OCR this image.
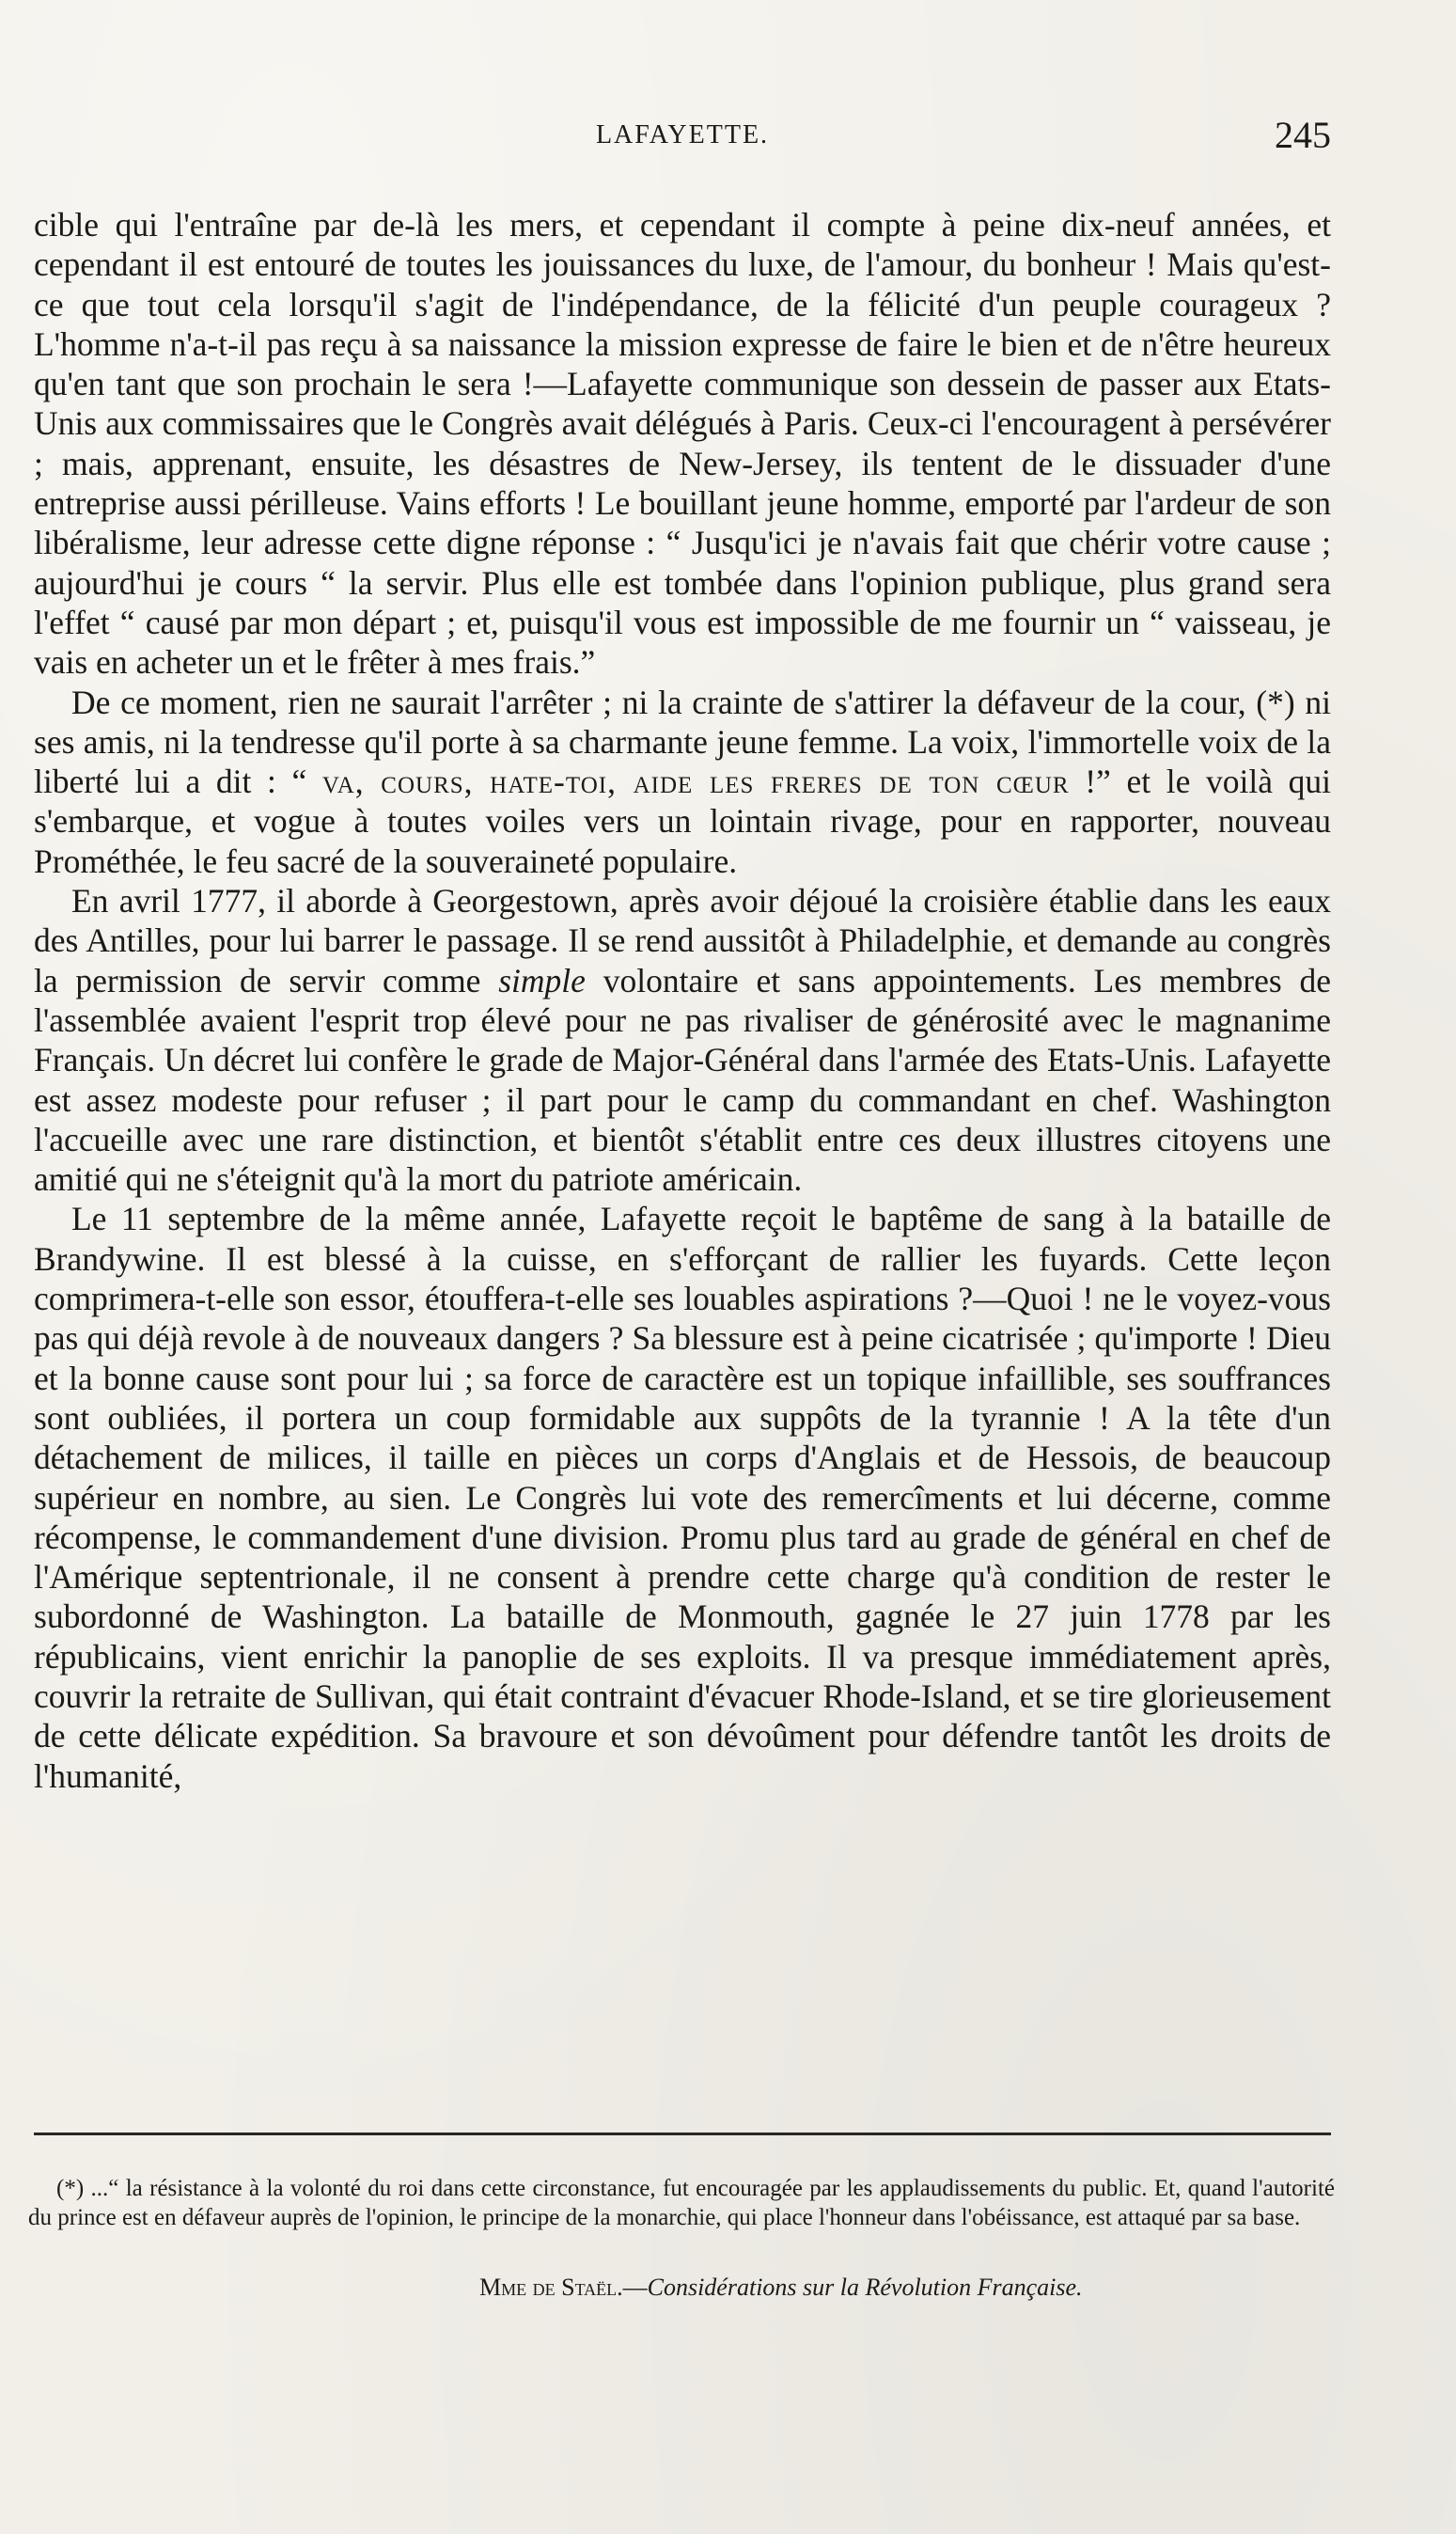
LAFAYETTE.	245

cible qui l'entraîne par de-là les mers, et cependant il compte à peine dix-neuf années, et cependant il est entouré de toutes les jouissances du luxe, de l'amour, du bonheur ! Mais qu'est-ce que tout cela lorsqu'il s'agit de l'indépendance, de la félicité d'un peuple courageux ? L'homme n'a-t-il pas reçu à sa naissance la mission expresse de faire le bien et de n'être heureux qu'en tant que son prochain le sera !—Lafayette communique son dessein de passer aux Etats-Unis aux commissaires que le Congrès avait délégués à Paris. Ceux-ci l'encouragent à persévérer ; mais, apprenant, ensuite, les désastres de New-Jersey, ils tentent de le dissuader d'une entreprise aussi périlleuse. Vains efforts ! Le bouillant jeune homme, emporté par l'ardeur de son libéralisme, leur adresse cette digne réponse : “ Jusqu'ici je n'avais fait que chérir votre cause ; aujourd'hui je cours “ la servir. Plus elle est tombée dans l'opinion publique, plus grand sera l'effet “ causé par mon départ ; et, puisqu'il vous est impossible de me fournir un “ vaisseau, je vais en acheter un et le frêter à mes frais.”

De ce moment, rien ne saurait l'arrêter ; ni la crainte de s'attirer la défaveur de la cour, (*) ni ses amis, ni la tendresse qu'il porte à sa charmante jeune femme. La voix, l'immortelle voix de la liberté lui a dit : “ va, cours, hate-toi, aide les freres de ton cœur !” et le voilà qui s'embarque, et vogue à toutes voiles vers un lointain rivage, pour en rapporter, nouveau Prométhée, le feu sacré de la souveraineté populaire.

En avril 1777, il aborde à Georgestown, après avoir déjoué la croisière établie dans les eaux des Antilles, pour lui barrer le passage. Il se rend aussitôt à Philadelphie, et demande au congrès la permission de servir comme simple volontaire et sans appointements. Les membres de l'assemblée avaient l'esprit trop élevé pour ne pas rivaliser de générosité avec le magnanime Français. Un décret lui confère le grade de Major-Général dans l'armée des Etats-Unis. Lafayette est assez modeste pour refuser ; il part pour le camp du commandant en chef. Washington l'accueille avec une rare distinction, et bientôt s'établit entre ces deux illustres citoyens une amitié qui ne s'éteignit qu'à la mort du patriote américain.

Le 11 septembre de la même année, Lafayette reçoit le baptême de sang à la bataille de Brandywine. Il est blessé à la cuisse, en s'efforçant de rallier les fuyards. Cette leçon comprimera-t-elle son essor, étouffera-t-elle ses louables aspirations ?—Quoi ! ne le voyez-vous pas qui déjà revole à de nouveaux dangers ? Sa blessure est à peine cicatrisée ; qu'importe ! Dieu et la bonne cause sont pour lui ; sa force de caractère est un topique infaillible, ses souffrances sont oubliées, il portera un coup formidable aux suppôts de la tyrannie ! A la tête d'un détachement de milices, il taille en pièces un corps d'Anglais et de Hessois, de beaucoup supérieur en nombre, au sien. Le Congrès lui vote des remercîments et lui décerne, comme récompense, le commandement d'une division. Promu plus tard au grade de général en chef de l'Amérique septentrionale, il ne consent à prendre cette charge qu'à condition de rester le subordonné de Washington. La bataille de Monmouth, gagnée le 27 juin 1778 par les républicains, vient enrichir la panoplie de ses exploits. Il va presque immédiatement après, couvrir la retraite de Sullivan, qui était contraint d'évacuer Rhode-Island, et se tire glorieusement de cette délicate expédition. Sa bravoure et son dévoûment pour défendre tantôt les droits de l'humanité,

(*) ...“ la résistance à la volonté du roi dans cette circonstance, fut encouragée par les applaudissements du public. Et, quand l'autorité du prince est en défaveur auprès de l'opinion, le principe de la monarchie, qui place l'honneur dans l'obéissance, est attaqué par sa base.

Mme de Staël.—Considérations sur la Révolution Française.
